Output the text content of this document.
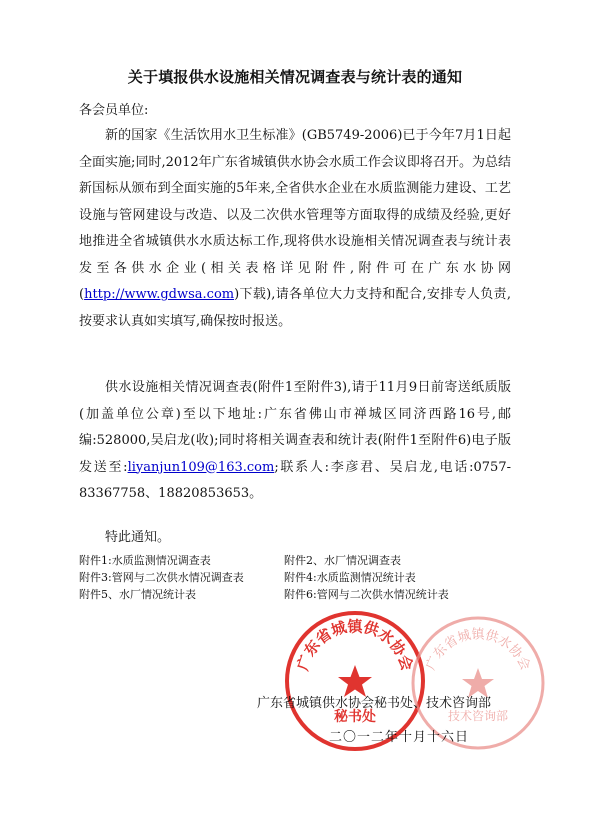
关于填报供水设施相关情况调查表与统计表的通知
各会员单位:
新的国家《生活饮用水卫生标准》(GB5749-2006)已于今年7月1日起全面实施;同时,2012年广东省城镇供水协会水质工作会议即将召开。为总结新国标从颁布到全面实施的5年来,全省供水企业在水质监测能力建设、工艺设施与管网建设与改造、以及二次供水管理等方面取得的成绩及经验,更好地推进全省城镇供水水质达标工作,现将供水设施相关情况调查表与统计表发至各供水企业(相关表格详见附件,附件可在广东水协网(http://www.gdwsa.com)下载),请各单位大力支持和配合,安排专人负责,按要求认真如实填写,确保按时报送。
供水设施相关情况调查表(附件1至附件3),请于11月9日前寄送纸质版(加盖单位公章)至以下地址:广东省佛山市禅城区同济西路16号,邮编:528000,吴启龙(收);同时将相关调查表和统计表(附件1至附件6)电子版发送至:liyanjun109@163.com;联系人:李彦君、吴启龙,电话:0757-83367758、18820853653。
特此通知。
附件1:水质监测情况调查表	附件2、水厂情况调查表
附件3:管网与二次供水情况调查表	附件4:水质监测情况统计表
附件5、水厂情况统计表	附件6:管网与二次供水情况统计表
广东省城镇供水协会
秘书处
广东省城镇供水协会
技术咨询部
广东省城镇供水协会秘书处、技术咨询部
二〇一二年十月十六日
